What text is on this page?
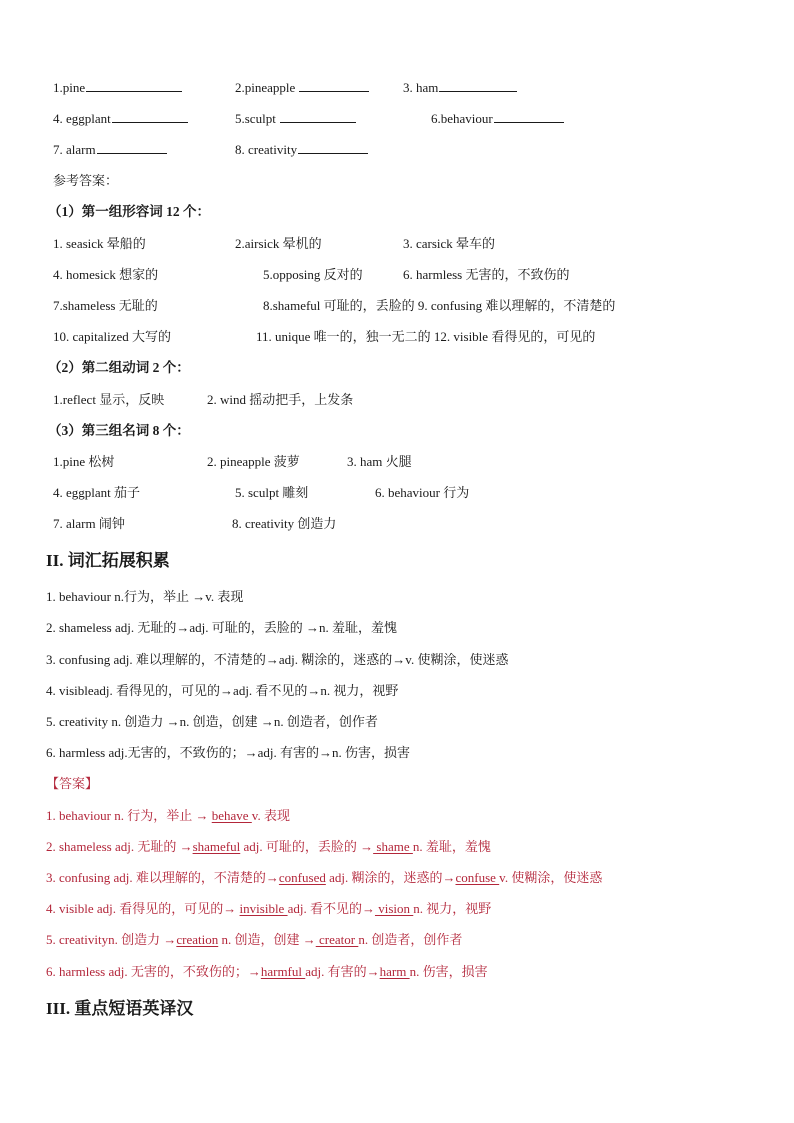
1.pine	2.pineapple	3. ham
4. eggplant	5.sculpt	6.behaviour
7. alarm	8. creativity
参考答案：
（1）第一组形容词 12 个：
1. seasick 晕船的	2.airsick 晕机的	3. carsick 晕车的
4. homesick 想家的	5.opposing 反对的	6. harmless 无害的，不致伤的
7.shameless 无耻的	8.shameful 可耻的，丢脸的 9. confusing 难以理解的，不清楚的
10. capitalized 大写的	11. unique 唯一的，独一无二的 12. visible 看得见的，可见的
（2）第二组动词 2 个：
1.reflect 显示，反映	2. wind 摇动把手，上发条
（3）第三组名词 8 个：
1.pine 松树	2. pineapple 菠萝	3. ham 火腿
4. eggplant 茄子	5. sculpt 雕刻	6. behaviour 行为
7. alarm 闹钟	8. creativity 创造力
II. 词汇拓展积累
1. behaviour n.行为，举止 →v. 表现
2. shameless adj. 无耻的→adj. 可耻的，丢脸的 →n. 羞耻，羞愧
3. confusing adj. 难以理解的，不清楚的→adj. 糊涂的，迷惑的→v. 使糊涂，使迷惑
4. visibleadj. 看得见的，可见的→adj. 看不见的→n. 视力，视野
5. creativity n. 创造力 →n. 创造，创建 →n. 创造者，创作者
6. harmless adj.无害的，不致伤的；→adj. 有害的→n. 伤害，损害
【答案】
1. behaviour n. 行为，举止 → behave v. 表现
2. shameless adj. 无耻的 →shameful adj. 可耻的，丢脸的 → shame n. 羞耻，羞愧
3. confusing adj. 难以理解的，不清楚的→confused adj. 糊涂的，迷惑的→confuse v. 使糊涂，使迷惑
4. visible adj. 看得见的，可见的→ invisible adj. 看不见的→ vision n. 视力，视野
5. creativityn. 创造力 →creation n. 创造，创建 → creator n. 创造者，创作者
6. harmless adj. 无害的，不致伤的；→harmful adj. 有害的→harm n. 伤害，损害
III. 重点短语英译汉
